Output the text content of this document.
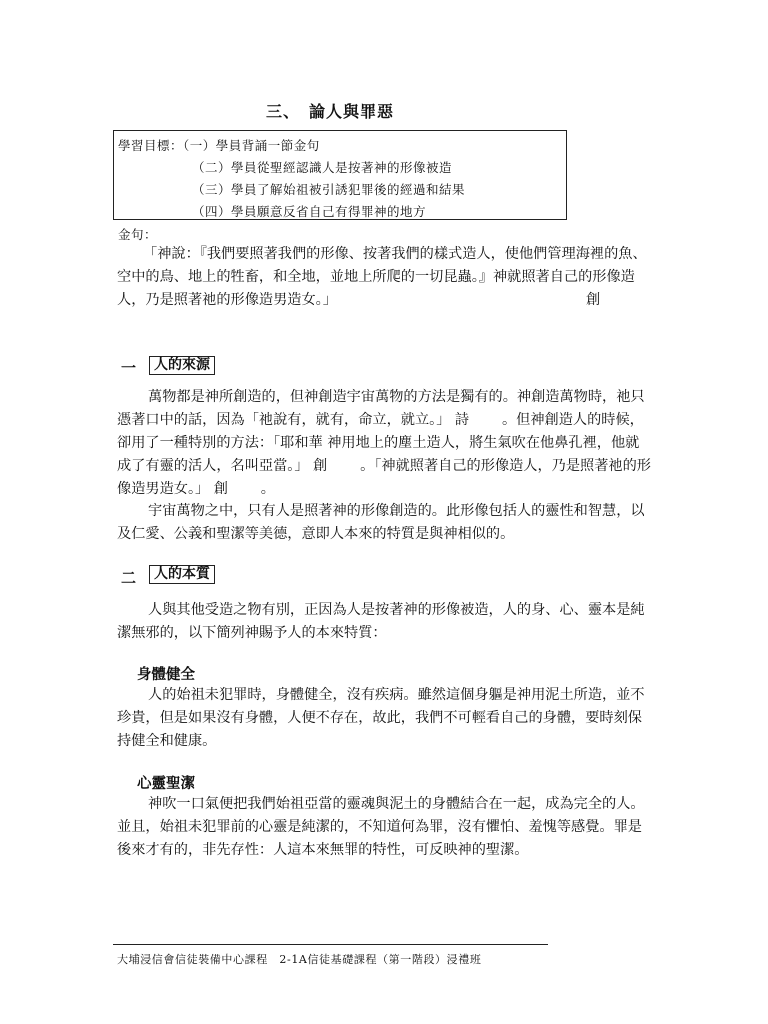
三、　論人與罪惡
學習目標：（一）學員背誦一節金句
（二）學員從聖經認識人是按著神的形像被造
（三）學員了解始祖被引誘犯罪後的經過和結果
（四）學員願意反省自己有得罪神的地方
金句：
「神說：『我們要照著我們的形像、按著我們的樣式造人，使他們管理海裡的魚、
空中的鳥、地上的牲畜，和全地，並地上所爬的一切昆蟲。』神就照著自己的形像造
人，乃是照著祂的形像造男造女。」	創
一	人的來源
萬物都是神所創造的，但神創造宇宙萬物的方法是獨有的。神創造萬物時，祂只
憑著口中的話，因為「祂說有，就有，命立，就立。」 詩　　 。但神創造人的時候，
卻用了一種特別的方法：「耶和華 神用地上的塵土造人，將生氣吹在他鼻孔裡，他就
成了有靈的活人，名叫亞當。」 創　　 。「神就照著自己的形像造人，乃是照著祂的形
像造男造女。」 創　　 。
宇宙萬物之中，只有人是照著神的形像創造的。此形像包括人的靈性和智慧，以
及仁愛、公義和聖潔等美德，意即人本來的特質是與神相似的。
二	人的本質
人與其他受造之物有別，正因為人是按著神的形像被造，人的身、心、靈本是純
潔無邪的，以下簡列神賜予人的本來特質：
身體健全
人的始祖未犯罪時，身體健全，沒有疾病。雖然這個身軀是神用泥土所造，並不
珍貴，但是如果沒有身體，人便不存在，故此，我們不可輕看自己的身體，要時刻保
持健全和健康。
心靈聖潔
神吹一口氣便把我們始祖亞當的靈魂與泥土的身體結合在一起，成為完全的人。
並且，始祖未犯罪前的心靈是純潔的，不知道何為罪，沒有懼怕、羞愧等感覺。罪是
後來才有的，非先存性：人這本來無罪的特性，可反映神的聖潔。
大埔浸信會信徒裝備中心課程　2-1A信徒基礎課程（第一階段）浸禮班
